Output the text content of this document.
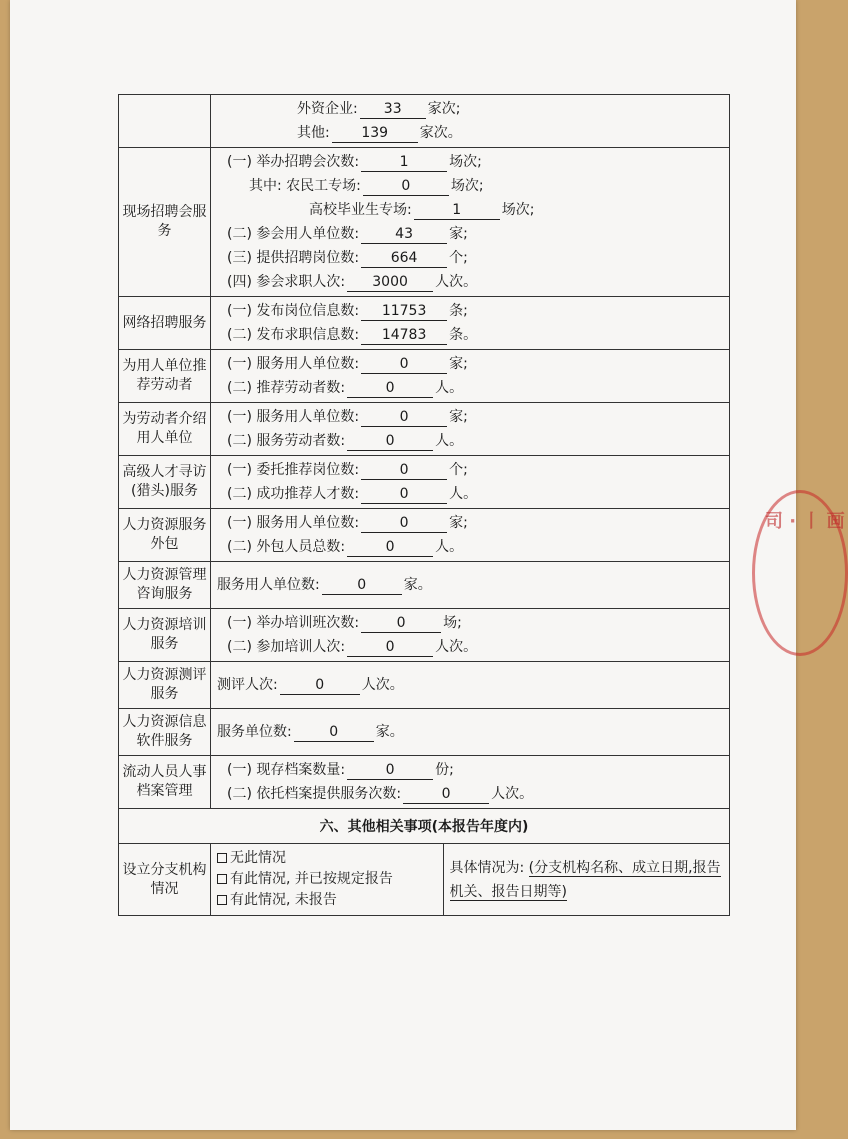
外资企业: 33 家次;
其他: 139 家次。

现场招聘会服务	
(一) 举办招聘会次数:	1	场次;
其中: 农民工专场:	0	场次;
高校毕业生专场:	1	场次;
(二) 参会用人单位数:	43	家;
(三) 提供招聘岗位数: 664 个;
(四) 参会求职人次: 3000 人次。

网络招聘服务	
(一) 发布岗位信息数: 11753 条;
(二) 发布求职信息数: 14783 条。

为用人单位推荐劳动者	
(一) 服务用人单位数:	0	家;
(二) 推荐劳动者数:	0	人。

为劳动者介绍用人单位	
(一) 服务用人单位数:	0	家;
(二) 服务劳动者数:	0	人。

高级人才寻访(猎头)服务	
(一) 委托推荐岗位数:	0	个;
(二) 成功推荐人才数:	0	人。

人力资源服务外包	
(一) 服务用人单位数:	0	家;
(二) 外包人员总数:	0	人。

人力资源管理咨询服务	
服务用人单位数:	0	家。

人力资源培训服务	
(一) 举办培训班次数:	0	场;
(二) 参加培训人次:	0	人次。

人力资源测评服务	
测评人次:	0	人次。

人力资源信息软件服务	
服务单位数:	0	家。

流动人员人事档案管理	
(一) 现存档案数量:	0	份;
(二) 依托档案提供服务次数:	0	人次。

六、其他相关事项(本报告年度内)
设立分支机构情况	
无此情况
有此情况, 并已按规定报告
有此情况, 未报告
	具体情况为: (分支机构名称、成立日期,报告机关、报告日期等)
司 · 丨 画
